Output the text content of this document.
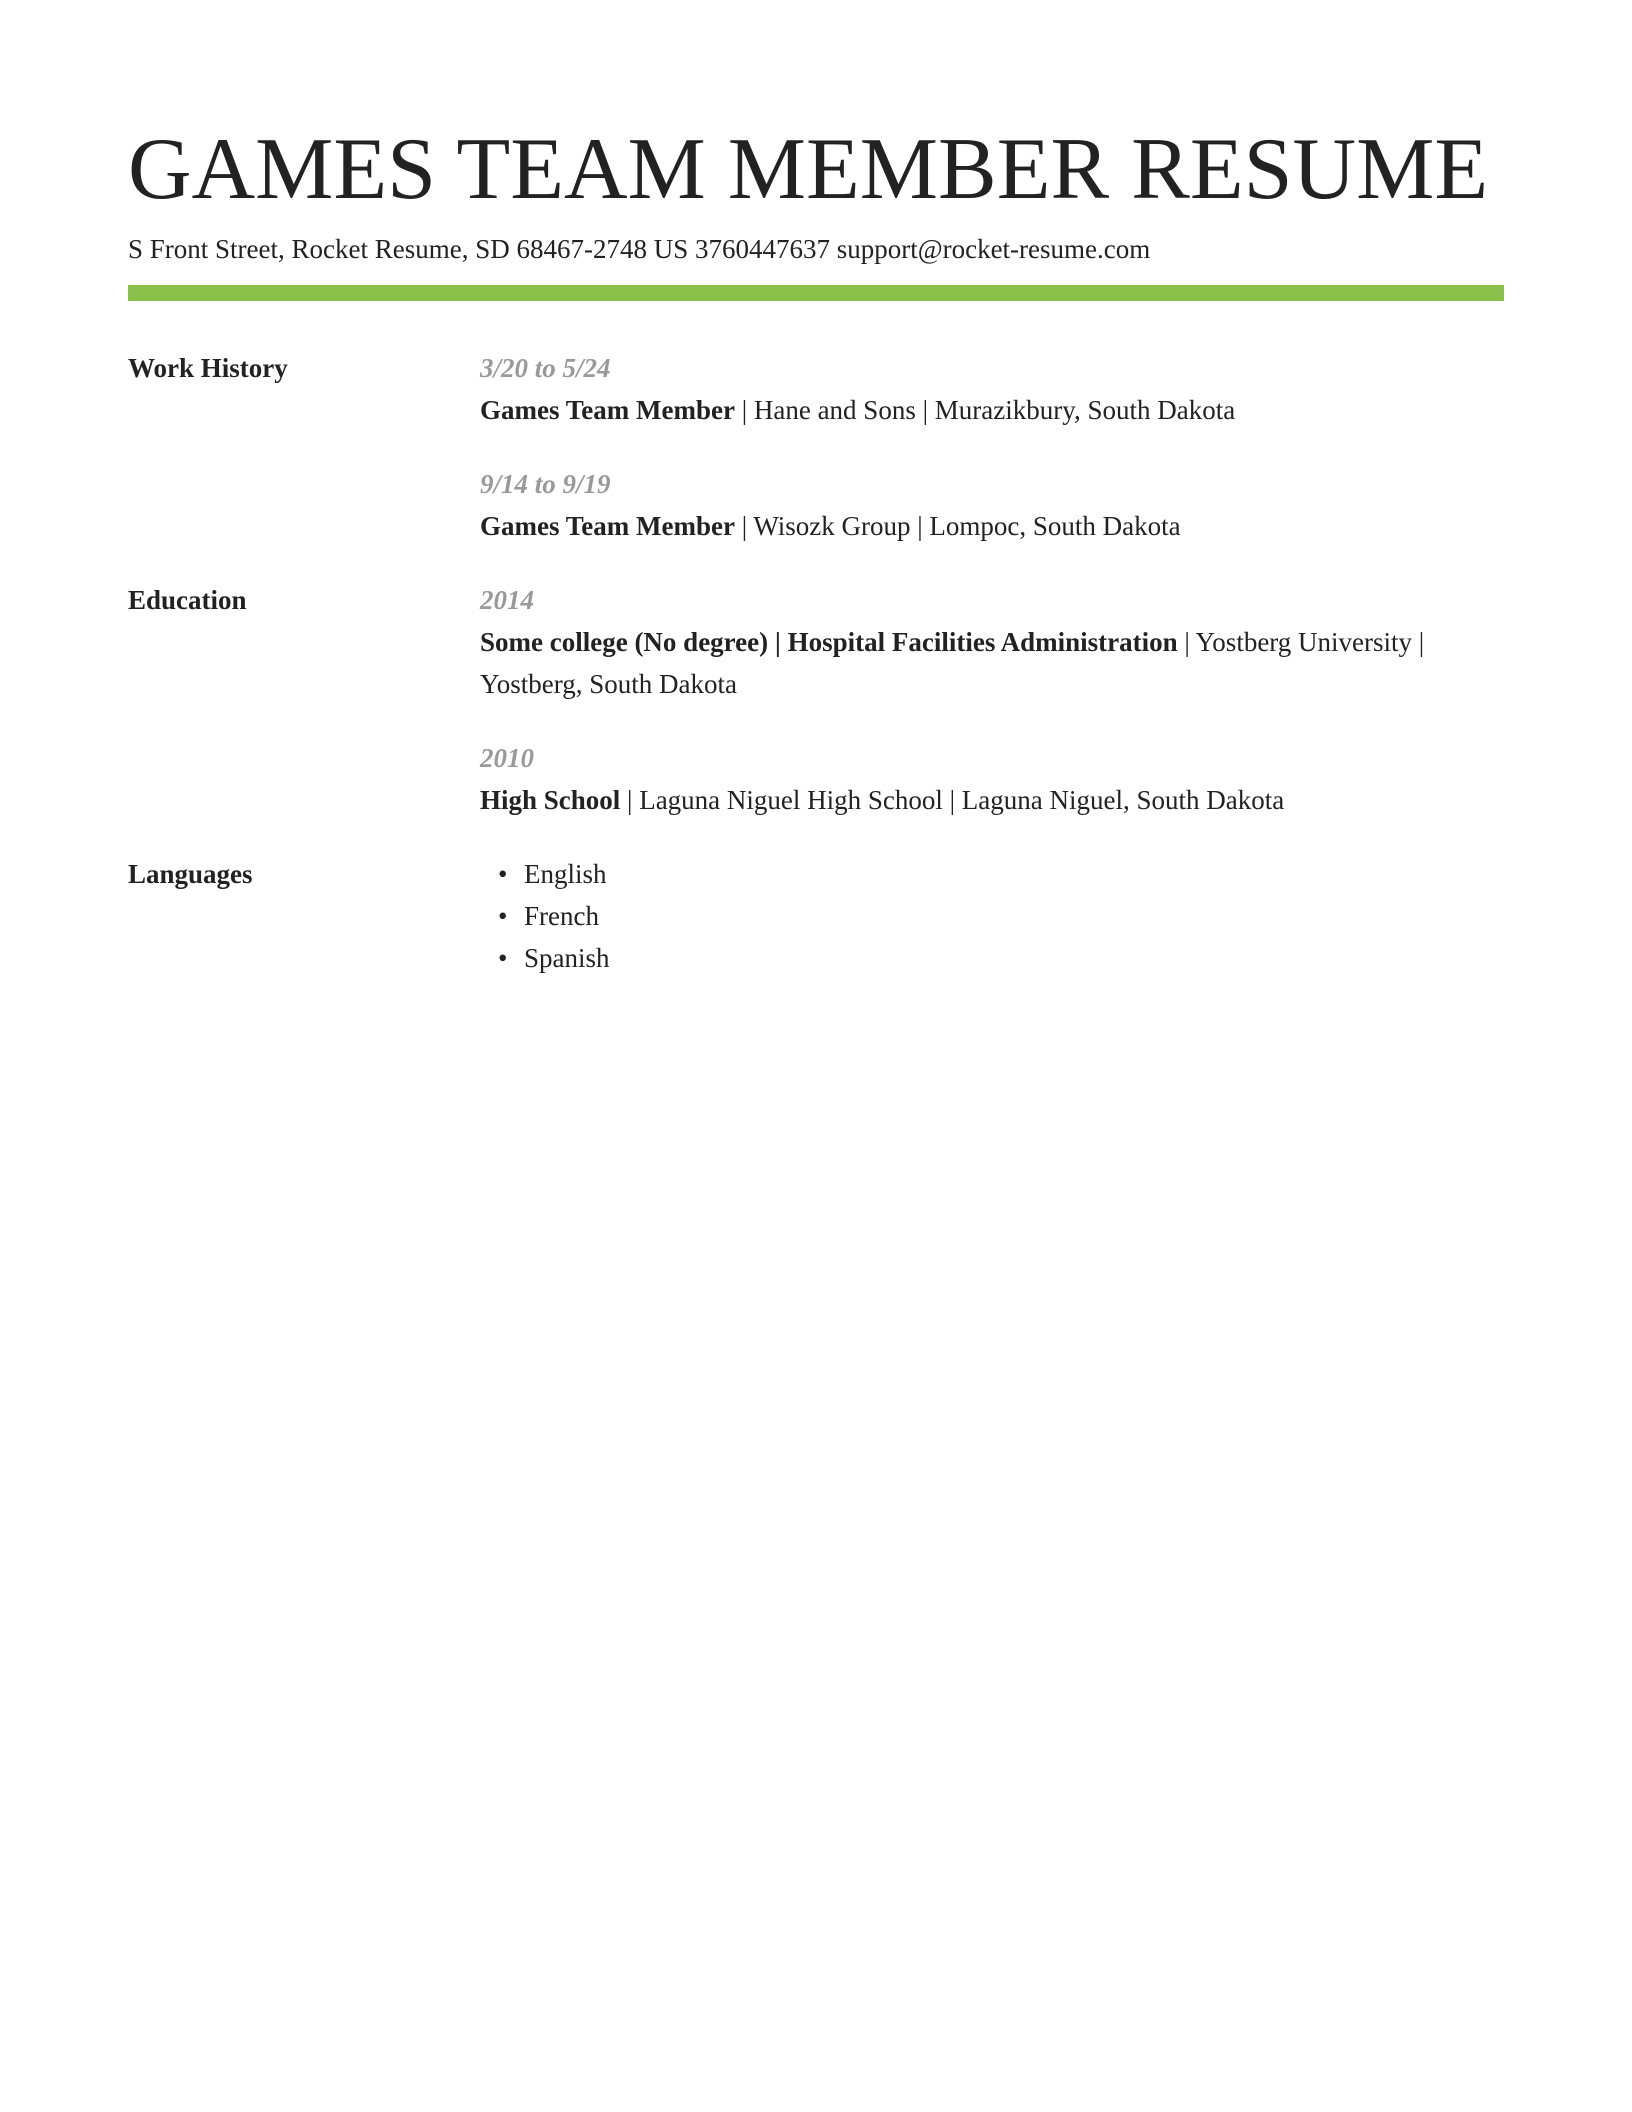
GAMES TEAM MEMBER RESUME
S Front Street, Rocket Resume, SD 68467-2748 US 3760447637 support@rocket-resume.com
Work History	3/20 to 5/24
Games Team Member | Hane and Sons | Murazikbury, South Dakota
9/14 to 9/19
Games Team Member | Wisozk Group | Lompoc, South Dakota
Education	2014
Some college (No degree) | Hospital Facilities Administration | Yostberg University | Yostberg, South Dakota
2010
High School | Laguna Niguel High School | Laguna Niguel, South Dakota
Languages	• English
• French
• Spanish
